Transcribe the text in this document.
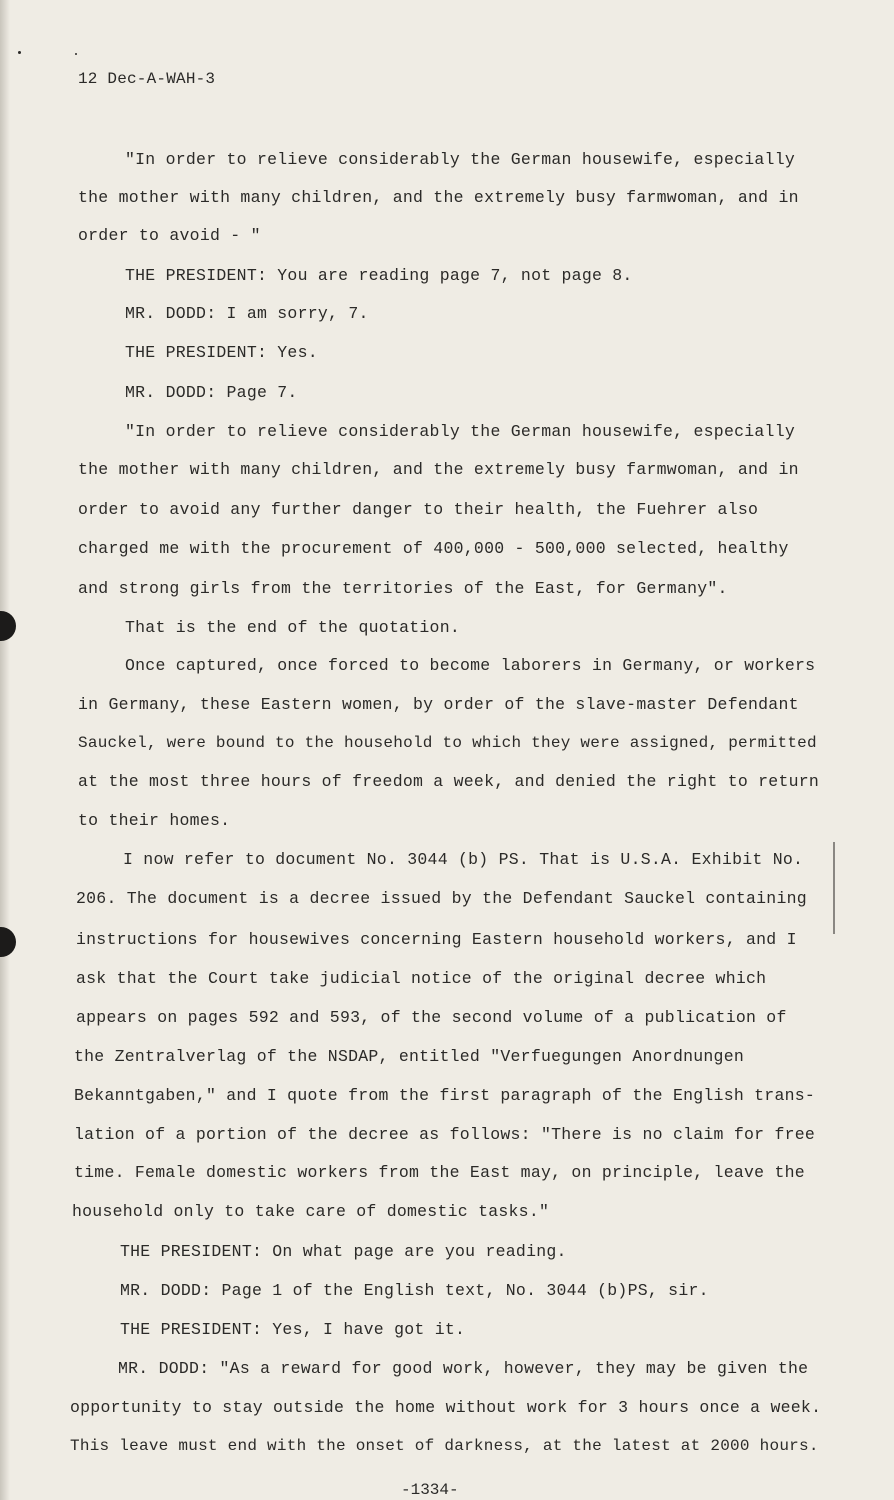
12 Dec-A-WAH-3
"In order to relieve considerably the German housewife, especially
the mother with many children, and the extremely busy farmwoman, and in
order to avoid - "
THE PRESIDENT: You are reading page 7, not page 8.
MR. DODD: I am sorry, 7.
THE PRESIDENT: Yes.
MR. DODD: Page 7.
"In order to relieve considerably the German housewife, especially
the mother with many children, and the extremely busy farmwoman, and in
order to avoid any further danger to their health, the Fuehrer also
charged me with the procurement of 400,000 - 500,000 selected, healthy
and strong girls from the territories of the East, for Germany".
That is the end of the quotation.
Once captured, once forced to become laborers in Germany, or workers
in Germany, these Eastern women, by order of the slave-master Defendant
Sauckel, were bound to the household to which they were assigned, permitted
at the most three hours of freedom a week, and denied the right to return
to their homes.
I now refer to document No. 3044 (b) PS. That is U.S.A. Exhibit No.
206. The document is a decree issued by the Defendant Sauckel containing
instructions for housewives concerning Eastern household workers, and I
ask that the Court take judicial notice of the original decree which
appears on pages 592 and 593, of the second volume of a publication of
the Zentralverlag of the NSDAP, entitled "Verfuegungen Anordnungen
Bekanntgaben," and I quote from the first paragraph of the English trans-
lation of a portion of the decree as follows: "There is no claim for free
time. Female domestic workers from the East may, on principle, leave the
household only to take care of domestic tasks."
THE PRESIDENT: On what page are you reading.
MR. DODD: Page 1 of the English text, No. 3044 (b)PS, sir.
THE PRESIDENT: Yes, I have got it.
MR. DODD: "As a reward for good work, however, they may be given the
opportunity to stay outside the home without work for 3 hours once a week.
This leave must end with the onset of darkness, at the latest at 2000 hours.
-1334-
